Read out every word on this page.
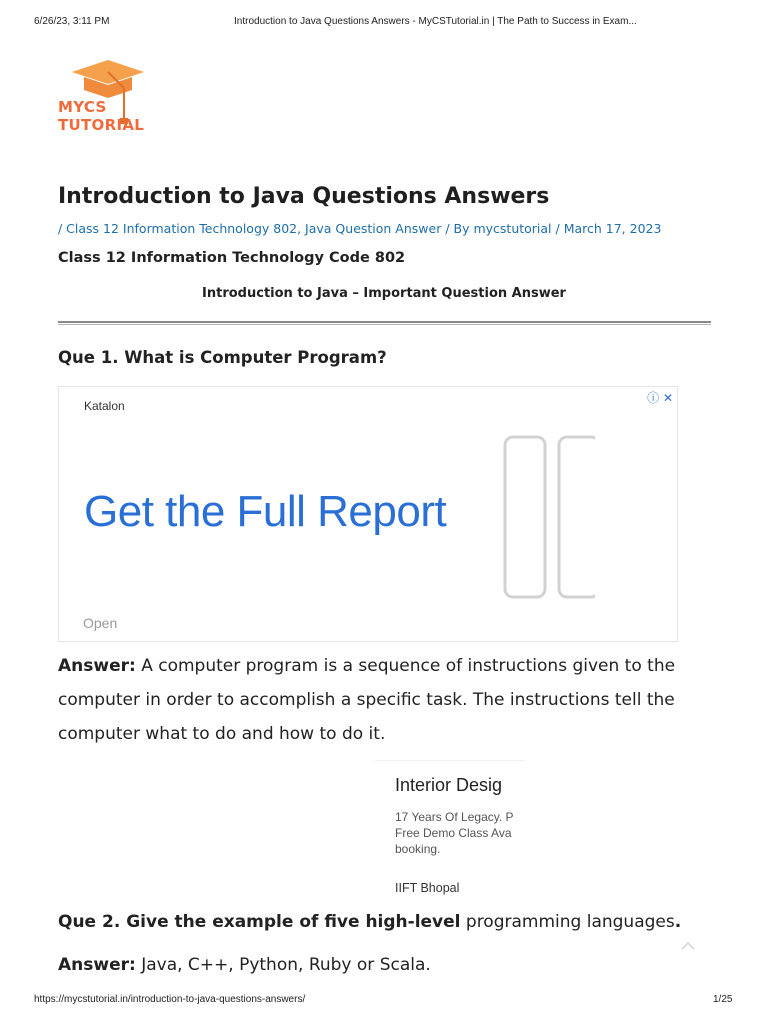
6/26/23, 3:11 PM	Introduction to Java Questions Answers - MyCSTutorial.in | The Path to Success in Exam...
MYCS TUTORIAL
Introduction to Java Questions Answers
/ Class 12 Information Technology 802, Java Question Answer / By mycstutorial / March 17, 2023
Class 12 Information Technology Code 802
Introduction to Java – Important Question Answer
Que 1. What is Computer Program?
Katalon
Get the Full Report
Open
ⓘ ✕
Answer: A computer program is a sequence of instructions given to the
computer in order to accomplish a specific task. The instructions tell the
computer what to do and how to do it.
Interior Desig
17 Years Of Legacy. P
Free Demo Class Ava
booking.
IIFT Bhopal
Que 2. Give the example of five high-level programming languages.
Answer: Java, C++, Python, Ruby or Scala.
https://mycstutorial.in/introduction-to-java-questions-answers/	1/25
